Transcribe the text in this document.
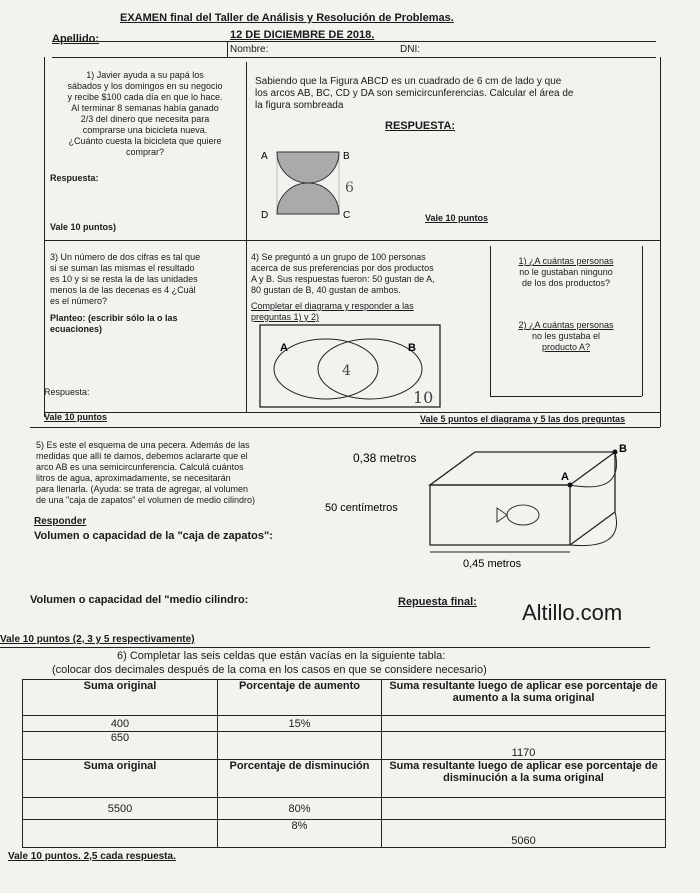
EXAMEN final del Taller de Análisis y Resolución de Problemas.
12 DE DICIEMBRE DE 2018.
Apellido:
Nombre:	DNI:
1) Javier ayuda a su papá los
sábados y los domingos en su negocio
y recibe $100 cada día en que lo hace.
Al terminar 8 semanas había ganado
2/3 del dinero que necesita para
comprarse una bicicleta nueva.
¿Cuánto cuesta la bicicleta que quiere
comprar?
Respuesta:
Vale 10 puntos)
Sabiendo que la Figura ABCD es un cuadrado de 6 cm de lado y que
los arcos AB, BC, CD y DA son semicircunferencias. Calcular el área de
la figura sombreada
RESPUESTA:
A	B
D	C
6
Vale 10 puntos
3) Un número de dos cifras es tal que
si se suman las mismas el resultado
es 10 y si se resta la de las unidades
menos la de las decenas es 4 ¿Cuál
es el número?
Planteo: (escribir sólo la o las
ecuaciones)
Respuesta:
Vale 10 puntos
4) Se preguntó a un grupo de 100 personas
acerca de sus preferencias por dos productos
A y B. Sus respuestas fueron: 50 gustan de A,
80 gustan de B, 40 gustan de ambos.
Completar el diagrama y responder a las
preguntas 1) y 2)
A	B
4
10
1) ¿A cuántas personas
no le gustaban ninguno
de los dos productos?
2) ¿A cuántas personas
no les gustaba el
producto A?
Vale 5 puntos el diagrama y 5 las dos preguntas
5) Es este el esquema de una pecera. Además de las
medidas que allí te damos, debemos aclararte que el
arco AB es una semicircunferencia. Calculá cuántos
litros de agua, aproximadamente, se necesitarán
para llenarla. (Ayuda: se trata de agregar, al volumen
de una "caja de zapatos" el volumen de medio cilindro)
Responder
Volumen o capacidad de la "caja de zapatos":
0,38 metros
50 centímetros
0,45 metros
A
B
Volumen o capacidad del "medio cilindro:	Repuesta final: Altillo.com
Vale 10 puntos (2, 3 y 5 respectivamente)
6) Completar las seis celdas que están vacías en la siguiente tabla:
(colocar dos decimales después de la coma en los casos en que se considere necesario)
Suma original	Porcentaje de aumento	Suma resultante luego de aplicar ese porcentaje de aumento a la suma original
400	15%	
650		1170
Suma original	Porcentaje de disminución	Suma resultante luego de aplicar ese porcentaje de disminución a la suma original
5500	80%	
	8%	5060
Vale 10 puntos. 2,5 cada respuesta.
